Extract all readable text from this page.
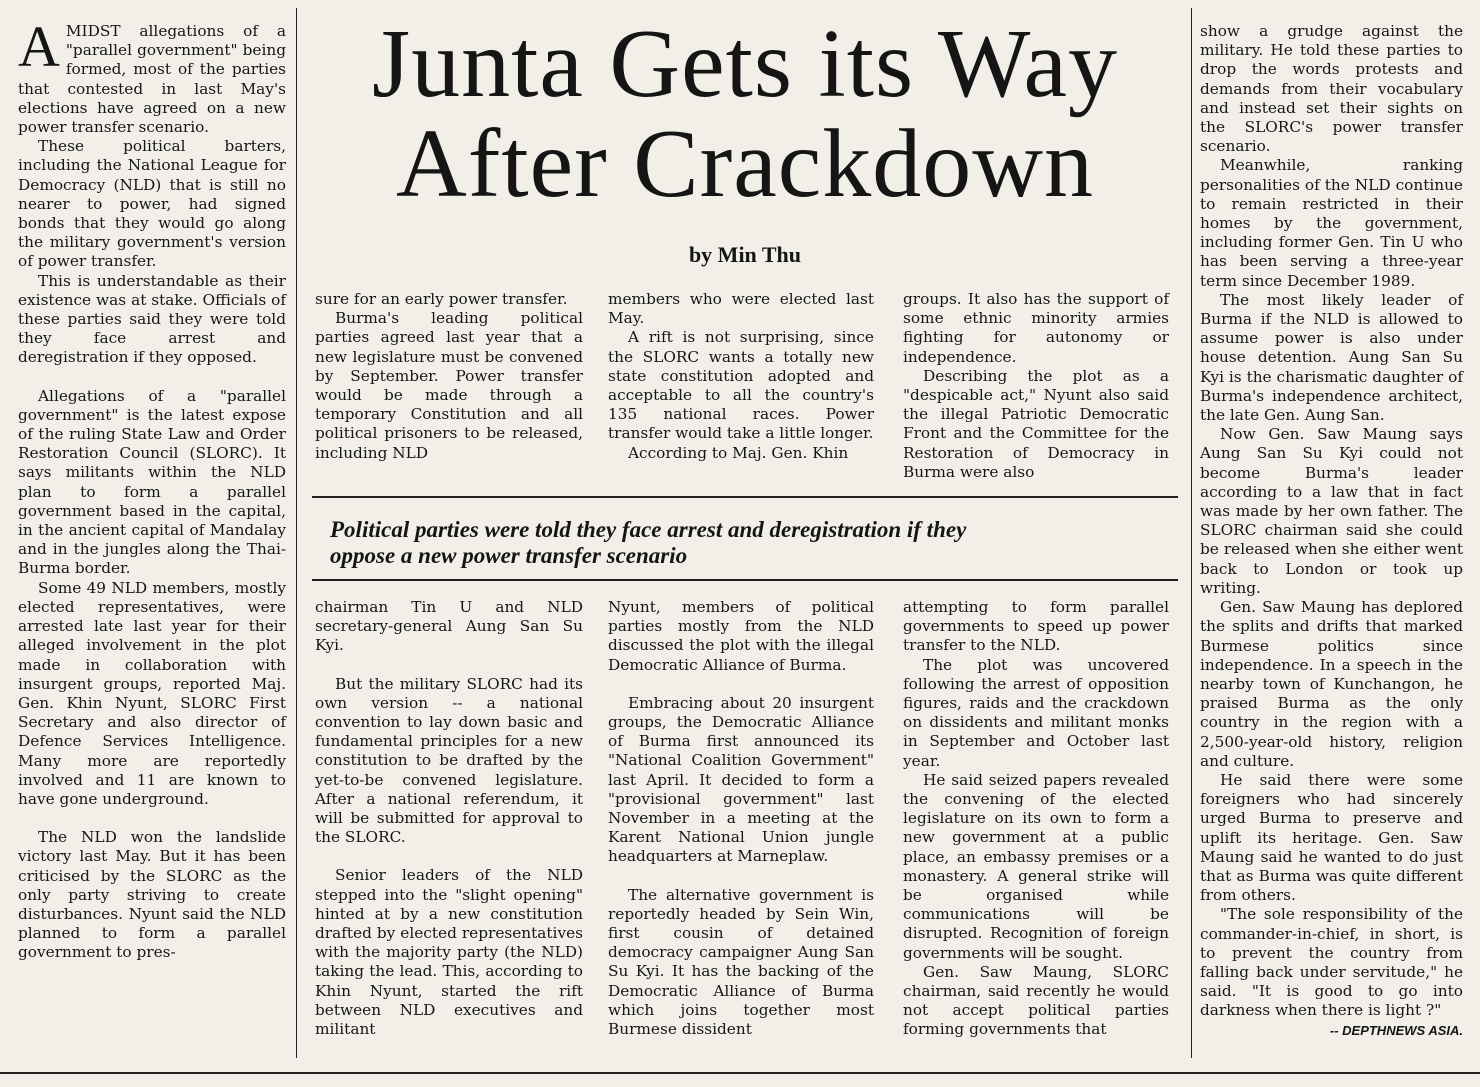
Junta Gets its Way
After Crackdown
by Min Thu

Political parties were told they face arrest and deregistration if they
oppose a new power transfer scenario

AMIDST allegations of a "parallel government" being formed, most of the parties that contested in last May's elections have agreed on a new power transfer scenario.

These political barters, including the National League for Democracy (NLD) that is still no nearer to power, had signed bonds that they would go along the military government's version of power transfer.

This is understandable as their existence was at stake. Officials of these parties said they were told they face arrest and deregistration if they opposed.

Allegations of a "parallel government" is the latest expose of the ruling State Law and Order Restoration Council (SLORC). It says militants within the NLD plan to form a parallel government based in the capital, in the ancient capital of Mandalay and in the jungles along the Thai-Burma border.

Some 49 NLD members, mostly elected representatives, were arrested late last year for their alleged involvement in the plot made in collaboration with insurgent groups, reported Maj. Gen. Khin Nyunt, SLORC First Secretary and also director of Defence Services Intelligence. Many more are reportedly involved and 11 are known to have gone underground.

The NLD won the landslide victory last May. But it has been criticised by the SLORC as the only party striving to create disturbances. Nyunt said the NLD planned to form a parallel government to pres-

sure for an early power transfer.

Burma's leading political parties agreed last year that a new legislature must be convened by September. Power transfer would be made through a temporary Constitution and all political prisoners to be released, including NLD

members who were elected last May.

A rift is not surprising, since the SLORC wants a totally new state constitution adopted and acceptable to all the country's 135 national races. Power transfer would take a little longer.

According to Maj. Gen. Khin

groups. It also has the support of some ethnic minority armies fighting for autonomy or independence.

Describing the plot as a "despicable act," Nyunt also said the illegal Patriotic Democratic Front and the Committee for the Restoration of Democracy in Burma were also

chairman Tin U and NLD secretary-general Aung San Su Kyi.

But the military SLORC had its own version -- a national convention to lay down basic and fundamental principles for a new constitution to be drafted by the yet-to-be convened legislature. After a national referendum, it will be submitted for approval to the SLORC.

Senior leaders of the NLD stepped into the "slight opening" hinted at by a new constitution drafted by elected representatives with the majority party (the NLD) taking the lead. This, according to Khin Nyunt, started the rift between NLD executives and militant

Nyunt, members of political parties mostly from the NLD discussed the plot with the illegal Democratic Alliance of Burma.

Embracing about 20 insurgent groups, the Democratic Alliance of Burma first announced its "National Coalition Government" last April. It decided to form a "provisional government" last November in a meeting at the Karent National Union jungle headquarters at Marneplaw.

The alternative government is reportedly headed by Sein Win, first cousin of detained democracy campaigner Aung San Su Kyi. It has the backing of the Democratic Alliance of Burma which joins together most Burmese dissident

attempting to form parallel governments to speed up power transfer to the NLD.

The plot was uncovered following the arrest of opposition figures, raids and the crackdown on dissidents and militant monks in September and October last year.

He said seized papers revealed the convening of the elected legislature on its own to form a new government at a public place, an embassy premises or a monastery. A general strike will be organised while communications will be disrupted. Recognition of foreign governments will be sought.

Gen. Saw Maung, SLORC chairman, said recently he would not accept political parties forming governments that

show a grudge against the military. He told these parties to drop the words protests and demands from their vocabulary and instead set their sights on the SLORC's power transfer scenario.

Meanwhile, ranking personalities of the NLD continue to remain restricted in their homes by the government, including former Gen. Tin U who has been serving a three-year term since December 1989.

The most likely leader of Burma if the NLD is allowed to assume power is also under house detention. Aung San Su Kyi is the charismatic daughter of Burma's independence architect, the late Gen. Aung San.

Now Gen. Saw Maung says Aung San Su Kyi could not become Burma's leader according to a law that in fact was made by her own father. The SLORC chairman said she could be released when she either went back to London or took up writing.

Gen. Saw Maung has deplored the splits and drifts that marked Burmese politics since independence. In a speech in the nearby town of Kunchangon, he praised Burma as the only country in the region with a 2,500-year-old history, religion and culture.

He said there were some foreigners who had sincerely urged Burma to preserve and uplift its heritage. Gen. Saw Maung said he wanted to do just that as Burma was quite different from others.

"The sole responsibility of the commander-in-chief, in short, is to prevent the country from falling back under servitude," he said. "It is good to go into darkness when there is light ?"

-- DEPTHNEWS ASIA.
